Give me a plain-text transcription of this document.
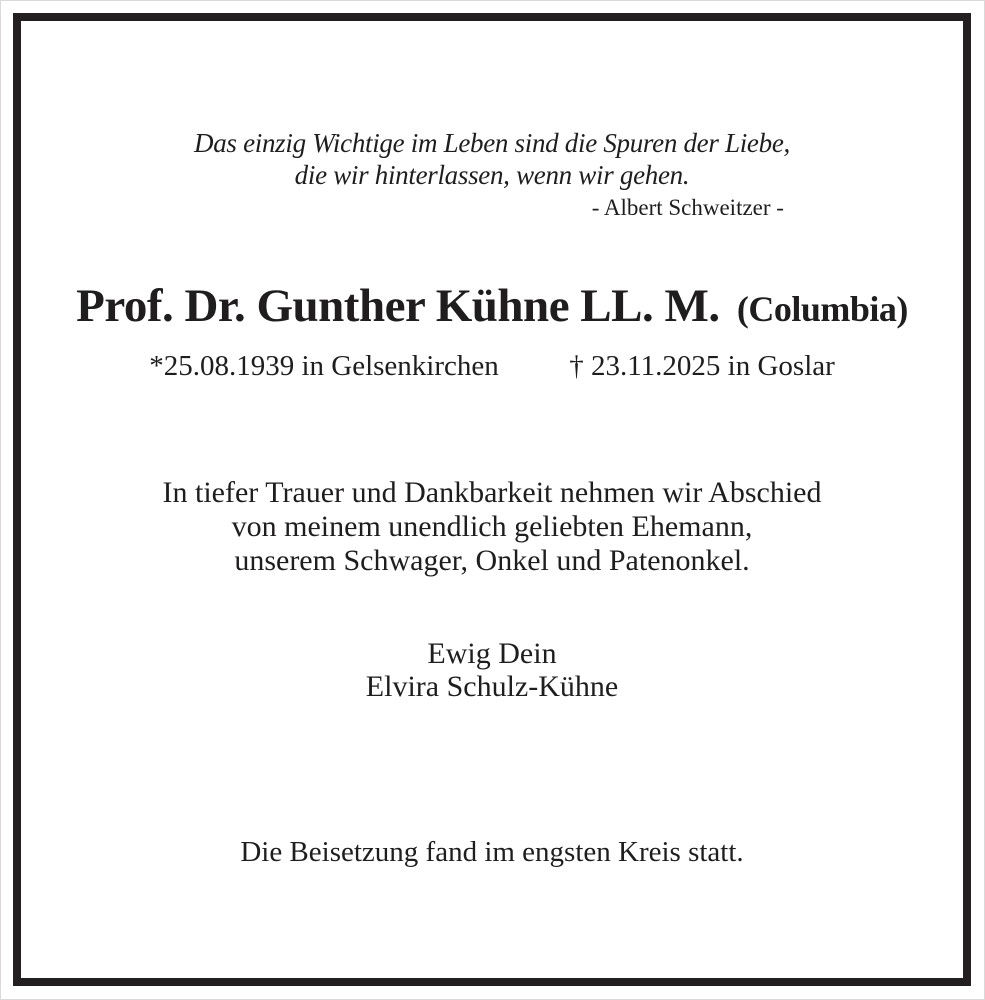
Das einzig Wichtige im Leben sind die Spuren der Liebe,
die wir hinterlassen, wenn wir gehen.
- Albert Schweitzer -
Prof. Dr. Gunther Kühne LL. M. (Columbia)
*25.08.1939 in Gelsenkirchen † 23.11.2025 in Goslar
In tiefer Trauer und Dankbarkeit nehmen wir Abschied
von meinem unendlich geliebten Ehemann,
unserem Schwager, Onkel und Patenonkel.
Ewig Dein
Elvira Schulz-Kühne
Die Beisetzung fand im engsten Kreis statt.
